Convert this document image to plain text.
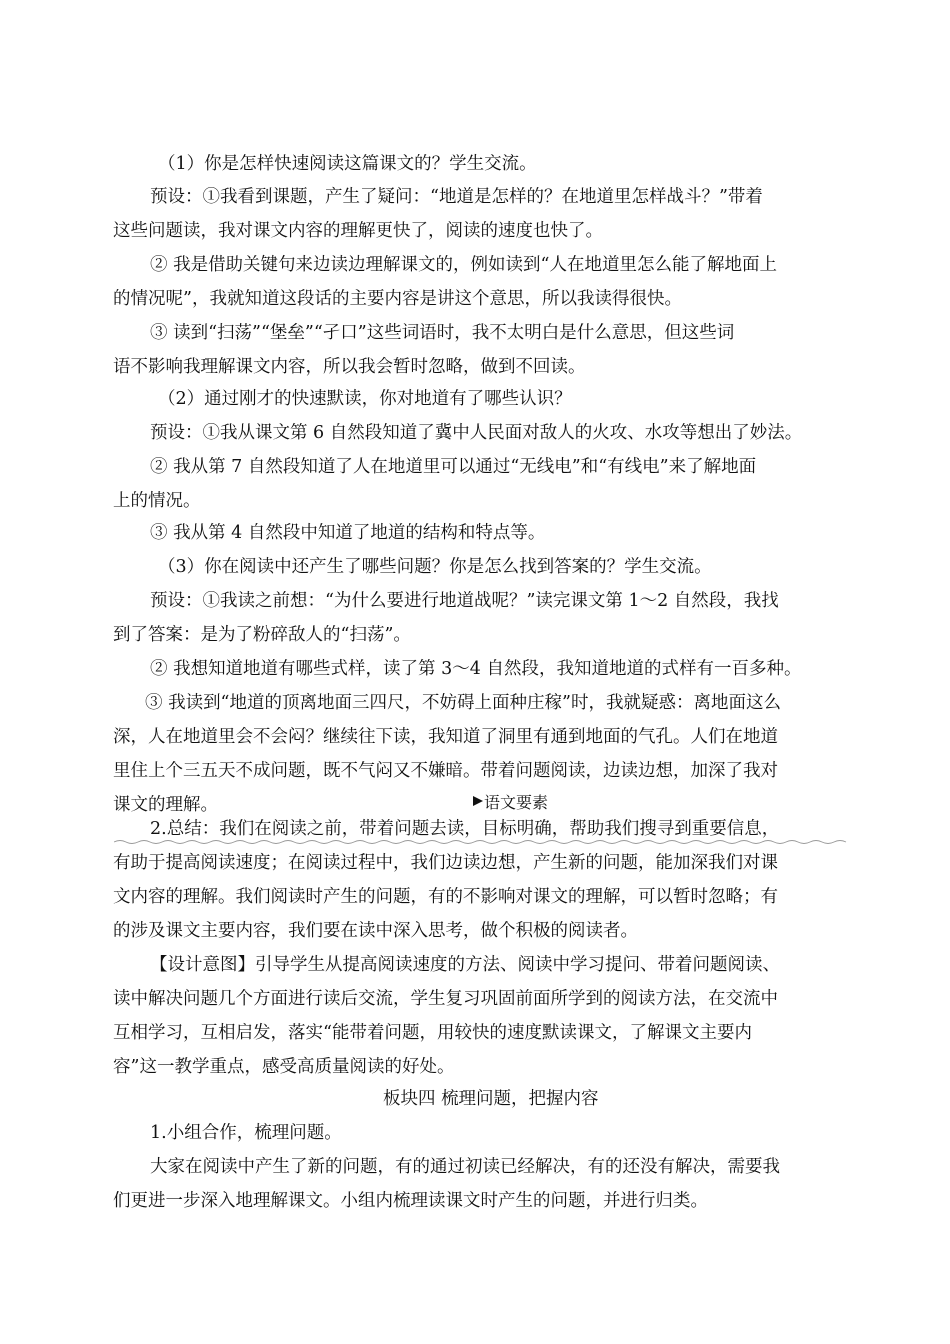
（1）你是怎样快速阅读这篇课文的？学生交流。
预设：①我看到课题，产生了疑问：“地道是怎样的？在地道里怎样战斗？”带着
这些问题读，我对课文内容的理解更快了，阅读的速度也快了。
② 我是借助关键句来边读边理解课文的，例如读到“人在地道里怎么能了解地面上
的情况呢”，我就知道这段话的主要内容是讲这个意思，所以我读得很快。
③ 读到“扫荡”“堡垒”“孑口”这些词语时，我不太明白是什么意思，但这些词
语不影响我理解课文内容，所以我会暂时忽略，做到不回读。
（2）通过刚才的快速默读，你对地道有了哪些认识？
预设：①我从课文第 6 自然段知道了冀中人民面对敌人的火攻、水攻等想出了妙法。
② 我从第 7 自然段知道了人在地道里可以通过“无线电”和“有线电”来了解地面
上的情况。
③ 我从第 4 自然段中知道了地道的结构和特点等。
（3）你在阅读中还产生了哪些问题？你是怎么找到答案的？学生交流。
预设：①我读之前想：“为什么要进行地道战呢？”读完课文第 1～2 自然段，我找
到了答案：是为了粉碎敌人的“扫荡”。
② 我想知道地道有哪些式样，读了第 3～4 自然段，我知道地道的式样有一百多种。
③ 我读到“地道的顶离地面三四尺，不妨碍上面种庄稼”时，我就疑惑：离地面这么
深，人在地道里会不会闷？继续往下读，我知道了洞里有通到地面的气孔。人们在地道
里住上个三五天不成问题，既不气闷又不嫌暗。带着问题阅读，边读边想，加深了我对
课文的理解。	语文要素
2.总结：我们在阅读之前，带着问题去读，目标明确，帮助我们搜寻到重要信息，
有助于提高阅读速度；在阅读过程中，我们边读边想，产生新的问题，能加深我们对课
文内容的理解。我们阅读时产生的问题，有的不影响对课文的理解，可以暂时忽略；有
的涉及课文主要内容，我们要在读中深入思考，做个积极的阅读者。
【设计意图】引导学生从提高阅读速度的方法、阅读中学习提问、带着问题阅读、
读中解决问题几个方面进行读后交流，学生复习巩固前面所学到的阅读方法，在交流中
互相学习，互相启发，落实“能带着问题，用较快的速度默读课文，了解课文主要内
容”这一教学重点，感受高质量阅读的好处。
板块四 梳理问题，把握内容
1.小组合作，梳理问题。
大家在阅读中产生了新的问题，有的通过初读已经解决，有的还没有解决，需要我
们更进一步深入地理解课文。小组内梳理读课文时产生的问题，并进行归类。
